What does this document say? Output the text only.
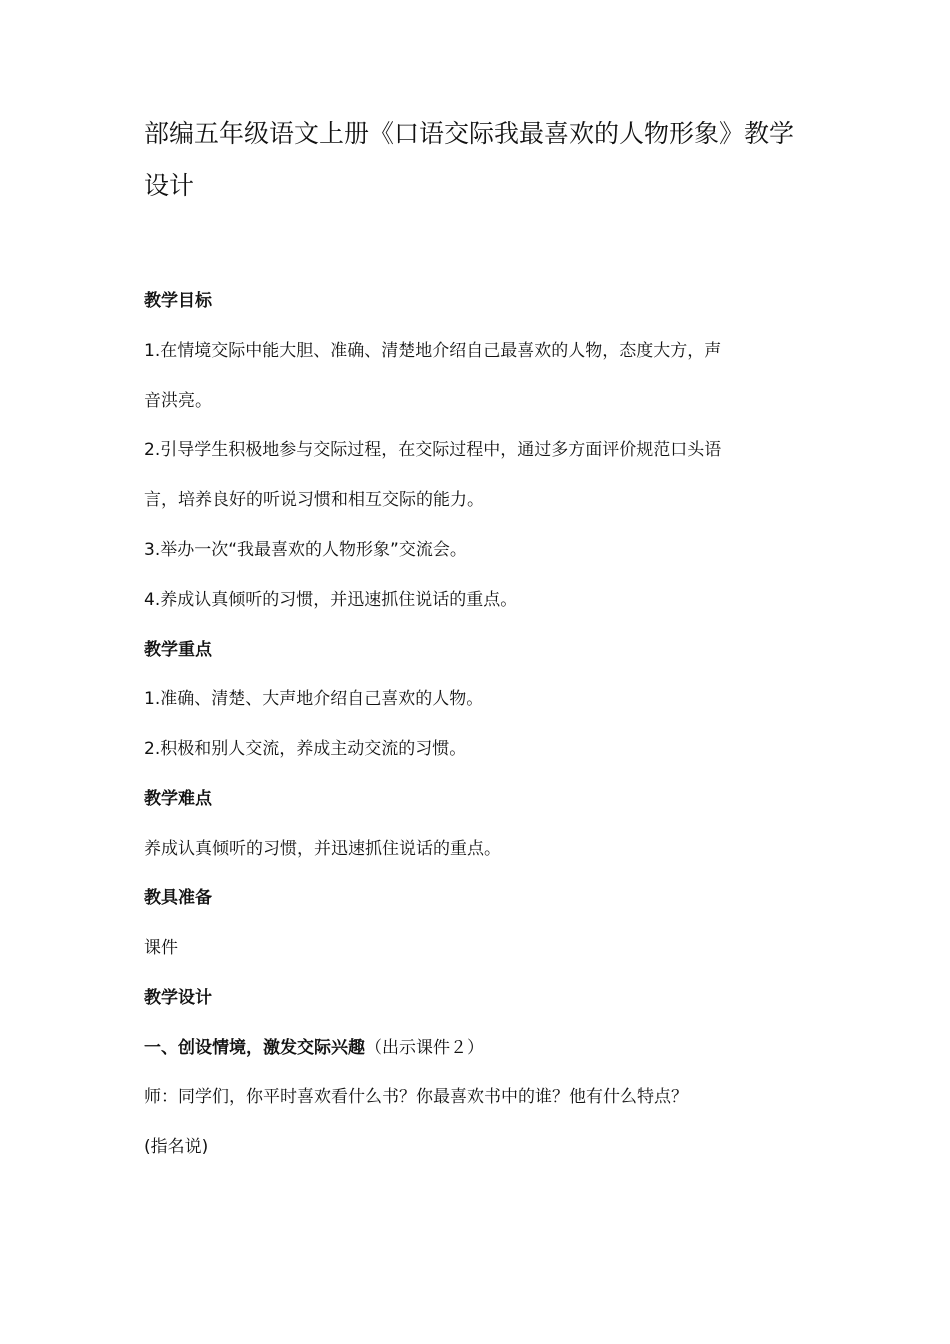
部编五年级语文上册《口语交际我最喜欢的人物形象》教学设计
教学目标
1.在情境交际中能大胆、准确、清楚地介绍自己最喜欢的人物，态度大方，声
音洪亮。
2.引导学生积极地参与交际过程，在交际过程中，通过多方面评价规范口头语
言，培养良好的听说习惯和相互交际的能力。
3.举办一次“我最喜欢的人物形象”交流会。
4.养成认真倾听的习惯，并迅速抓住说话的重点。
教学重点
1.准确、清楚、大声地介绍自己喜欢的人物。
2.积极和别人交流，养成主动交流的习惯。
教学难点
养成认真倾听的习惯，并迅速抓住说话的重点。
教具准备
课件
教学设计
一、创设情境，激发交际兴趣（出示课件２）
师：同学们，你平时喜欢看什么书？你最喜欢书中的谁？他有什么特点？
(指名说)
